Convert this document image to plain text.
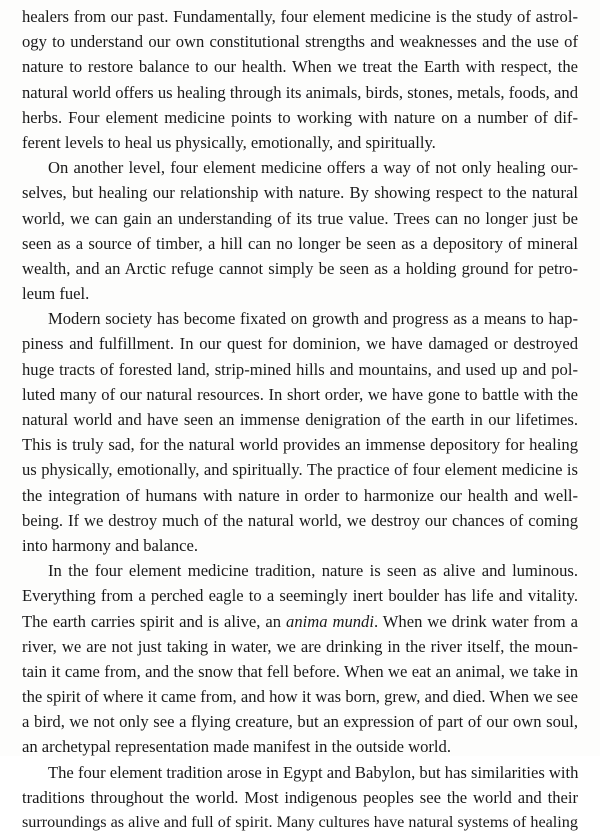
healers from our past. Fundamentally, four element medicine is the study of astrol-
ogy to understand our own constitutional strengths and weaknesses and the use of
nature to restore balance to our health. When we treat the Earth with respect, the
natural world offers us healing through its animals, birds, stones, metals, foods, and
herbs. Four element medicine points to working with nature on a number of dif-
ferent levels to heal us physically, emotionally, and spiritually.
On another level, four element medicine offers a way of not only healing our-
selves, but healing our relationship with nature. By showing respect to the natural
world, we can gain an understanding of its true value. Trees can no longer just be
seen as a source of timber, a hill can no longer be seen as a depository of mineral
wealth, and an Arctic refuge cannot simply be seen as a holding ground for petro-
leum fuel.
Modern society has become fixated on growth and progress as a means to hap-
piness and fulfillment. In our quest for dominion, we have damaged or destroyed
huge tracts of forested land, strip-mined hills and mountains, and used up and pol-
luted many of our natural resources. In short order, we have gone to battle with the
natural world and have seen an immense denigration of the earth in our lifetimes.
This is truly sad, for the natural world provides an immense depository for healing
us physically, emotionally, and spiritually. The practice of four element medicine is
the integration of humans with nature in order to harmonize our health and well-
being. If we destroy much of the natural world, we destroy our chances of coming
into harmony and balance.
In the four element medicine tradition, nature is seen as alive and luminous.
Everything from a perched eagle to a seemingly inert boulder has life and vitality.
The earth carries spirit and is alive, an anima mundi. When we drink water from a
river, we are not just taking in water, we are drinking in the river itself, the moun-
tain it came from, and the snow that fell before. When we eat an animal, we take in
the spirit of where it came from, and how it was born, grew, and died. When we see
a bird, we not only see a flying creature, but an expression of part of our own soul,
an archetypal representation made manifest in the outside world.
The four element tradition arose in Egypt and Babylon, but has similarities with
traditions throughout the world. Most indigenous peoples see the world and their
surroundings as alive and full of spirit. Many cultures have natural systems of healing
